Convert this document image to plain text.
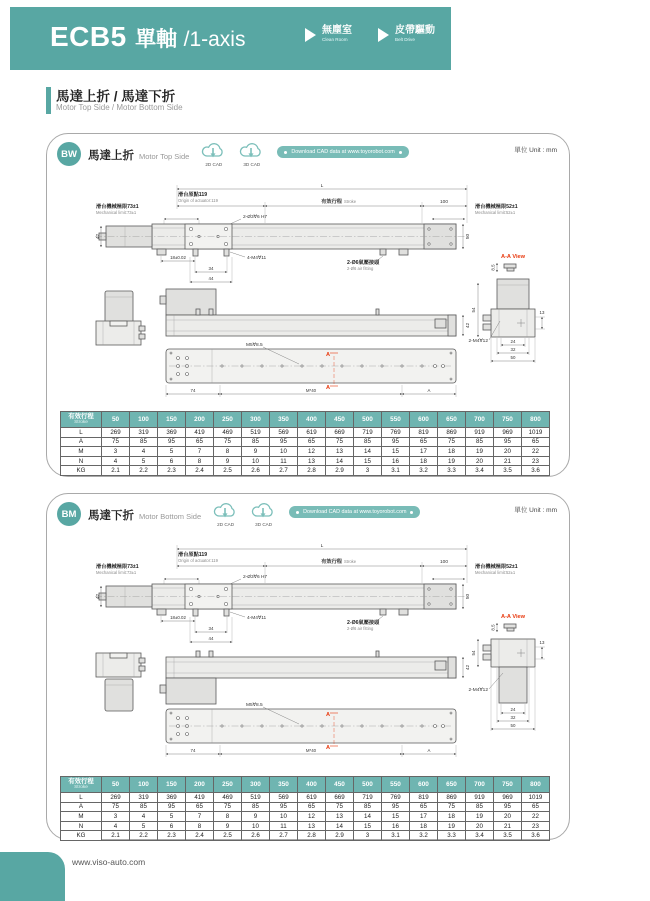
ECB5 單軸 /1-axis	無塵室
Clean Room
皮帶驅動
Belt Drive
馬達上折 / 馬達下折
Motor Top Side / Motor Bottom Side
BW 馬達上折 Motor Top Side
2D CAD	3D CAD
Download CAD data at www.toyorobot.com	單位 Unit : mm
L
滑台原點119
Origin of actuator:119	有效行程 Stroke	100
滑台機械極限73±1
Mechanical limit:73±1
滑台機械極限52±1
Mechanical limit:52±1
2-Ø3∀6 H7
42	50
18±0.02	4-M4∀11
34
44
2-Ø6氣壓接頭
2-Ø6 air fitting
42
M5∀8.5
A
A
74	M*40	A
A-A View
8.5
54	13
24
32
50
2-M4∀12
有效行程
Stroke	50	100	150	200	250	300	350	400	450	500	550	600	650	700	750	800
L	269	319	369	419	469	519	569	619	669	719	769	819	869	919	969	1019
A	75	85	95	65	75	85	95	65	75	85	95	65	75	85	95	65
M	3	4	5	7	8	9	10	12	13	14	15	17	18	19	20	22
N	4	5	6	8	9	10	11	13	14	15	16	18	19	20	21	23
KG	2.1	2.2	2.3	2.4	2.5	2.6	2.7	2.8	2.9	3	3.1	3.2	3.3	3.4	3.5	3.6
BM	馬達下折 Motor Bottom Side
2D CAD	3D CAD
Download CAD data at www.toyorobot.com	單位 Unit : mm
L
滑台原點119
Origin of actuator:119	有效行程 Stroke	100
滑台機械極限73±1
Mechanical limit:73±1
滑台機械極限52±1
Mechanical limit:52±1
2-Ø3∀6 H7
42	50
18±0.02	4-M4∀11
34
44
2-Ø6氣壓接頭
2-Ø6 air fitting
42
M5∀8.5
A
A
74	M*40	A
A-A View
8.5
54
13
24
32
50
2-M4∀12
有效行程
Stroke	50	100	150	200	250	300	350	400	450	500	550	600	650	700	750	800
L	269	319	369	419	469	519	569	619	669	719	769	819	869	919	969	1019
A	75	85	95	65	75	85	95	65	75	85	95	65	75	85	95	65
M	3	4	5	7	8	9	10	12	13	14	15	17	18	19	20	22
N	4	5	6	8	9	10	11	13	14	15	16	18	19	20	21	23
KG	2.1	2.2	2.3	2.4	2.5	2.6	2.7	2.8	2.9	3	3.1	3.2	3.3	3.4	3.5	3.6
www.viso-auto.com
